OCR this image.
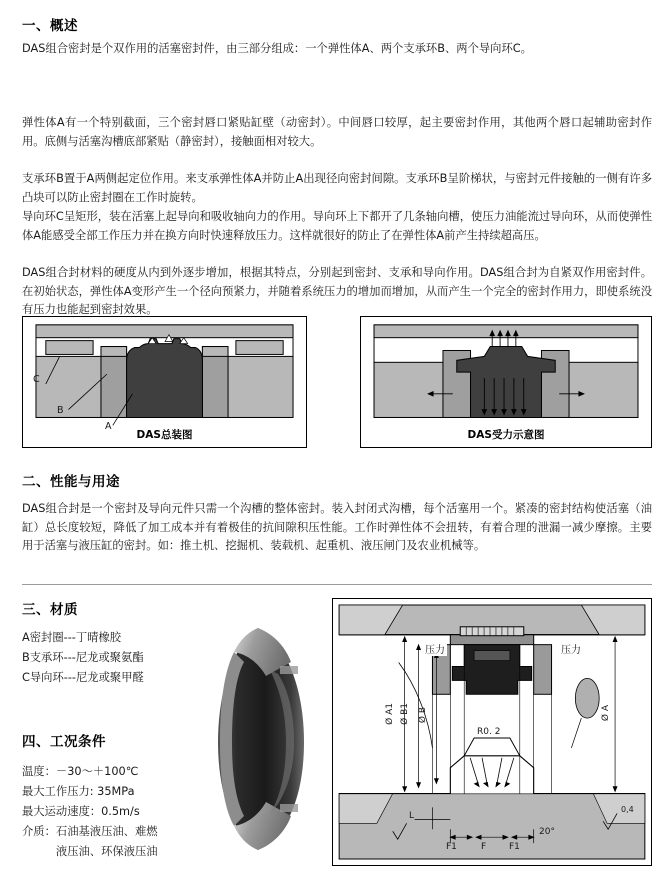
一、概述

DAS组合密封是个双作用的活塞密封件，由三部分组成：一个弹性体A、两个支承环B、两个导向环C。

弹性体A有一个特别截面，三个密封唇口紧贴缸壁（动密封）。中间唇口较厚，起主要密封作用，其他两个唇口起辅助密封作用。底侧与活塞沟槽底部紧贴（静密封），接触面相对较大。

支承环B置于A两侧起定位作用。来支承弹性体A并防止A出现径向密封间隙。支承环B呈阶梯状，与密封元件接触的一侧有许多凸块可以防止密封圈在工作时旋转。

导向环C呈矩形，装在活塞上起导向和吸收轴向力的作用。导向环上下都开了几条轴向槽，使压力油能流过导向环，从而使弹性体A能感受全部工作压力并在换方向时快速释放压力。这样就很好的防止了在弹性体A前产生持续超高压。

DAS组合封材料的硬度从内到外逐步增加，根据其特点，分别起到密封、支承和导向作用。DAS组合封为自紧双作用密封件。在初始状态，弹性体A变形产生一个径向预紧力，并随着系统压力的增加而增加，从而产生一个完全的密封作用力，即使系统没有压力也能起到密封效果。

C
B
A
DAS总装图	DAS受力示意图
二、性能与用途

DAS组合封是一个密封及导向元件只需一个沟槽的整体密封。装入封闭式沟槽，每个活塞用一个。紧凑的密封结构使活塞（油缸）总长度较短，降低了加工成本并有着极佳的抗间隙积压性能。工作时弹性体不会扭转，有着合理的泄漏一减少摩擦。主要用于活塞与液压缸的密封。如：推土机、挖掘机、装载机、起重机、液压闸门及农业机械等。

三、材质
A密封圈---丁晴橡胶
B支承环---尼龙或聚氨酯
C导向环---尼龙或聚甲醛
四、工况条件
温度：－30～＋100℃
最大工作压力: 35MPa
最大运动速度：0.5m/s
介质：石油基液压油、难燃
　　　液压油、环保液压油
压力	压力
Ø A1 Ø B1 Ø B	Ø A
R0. 2
F1	F	F1
20°
0,4
L
